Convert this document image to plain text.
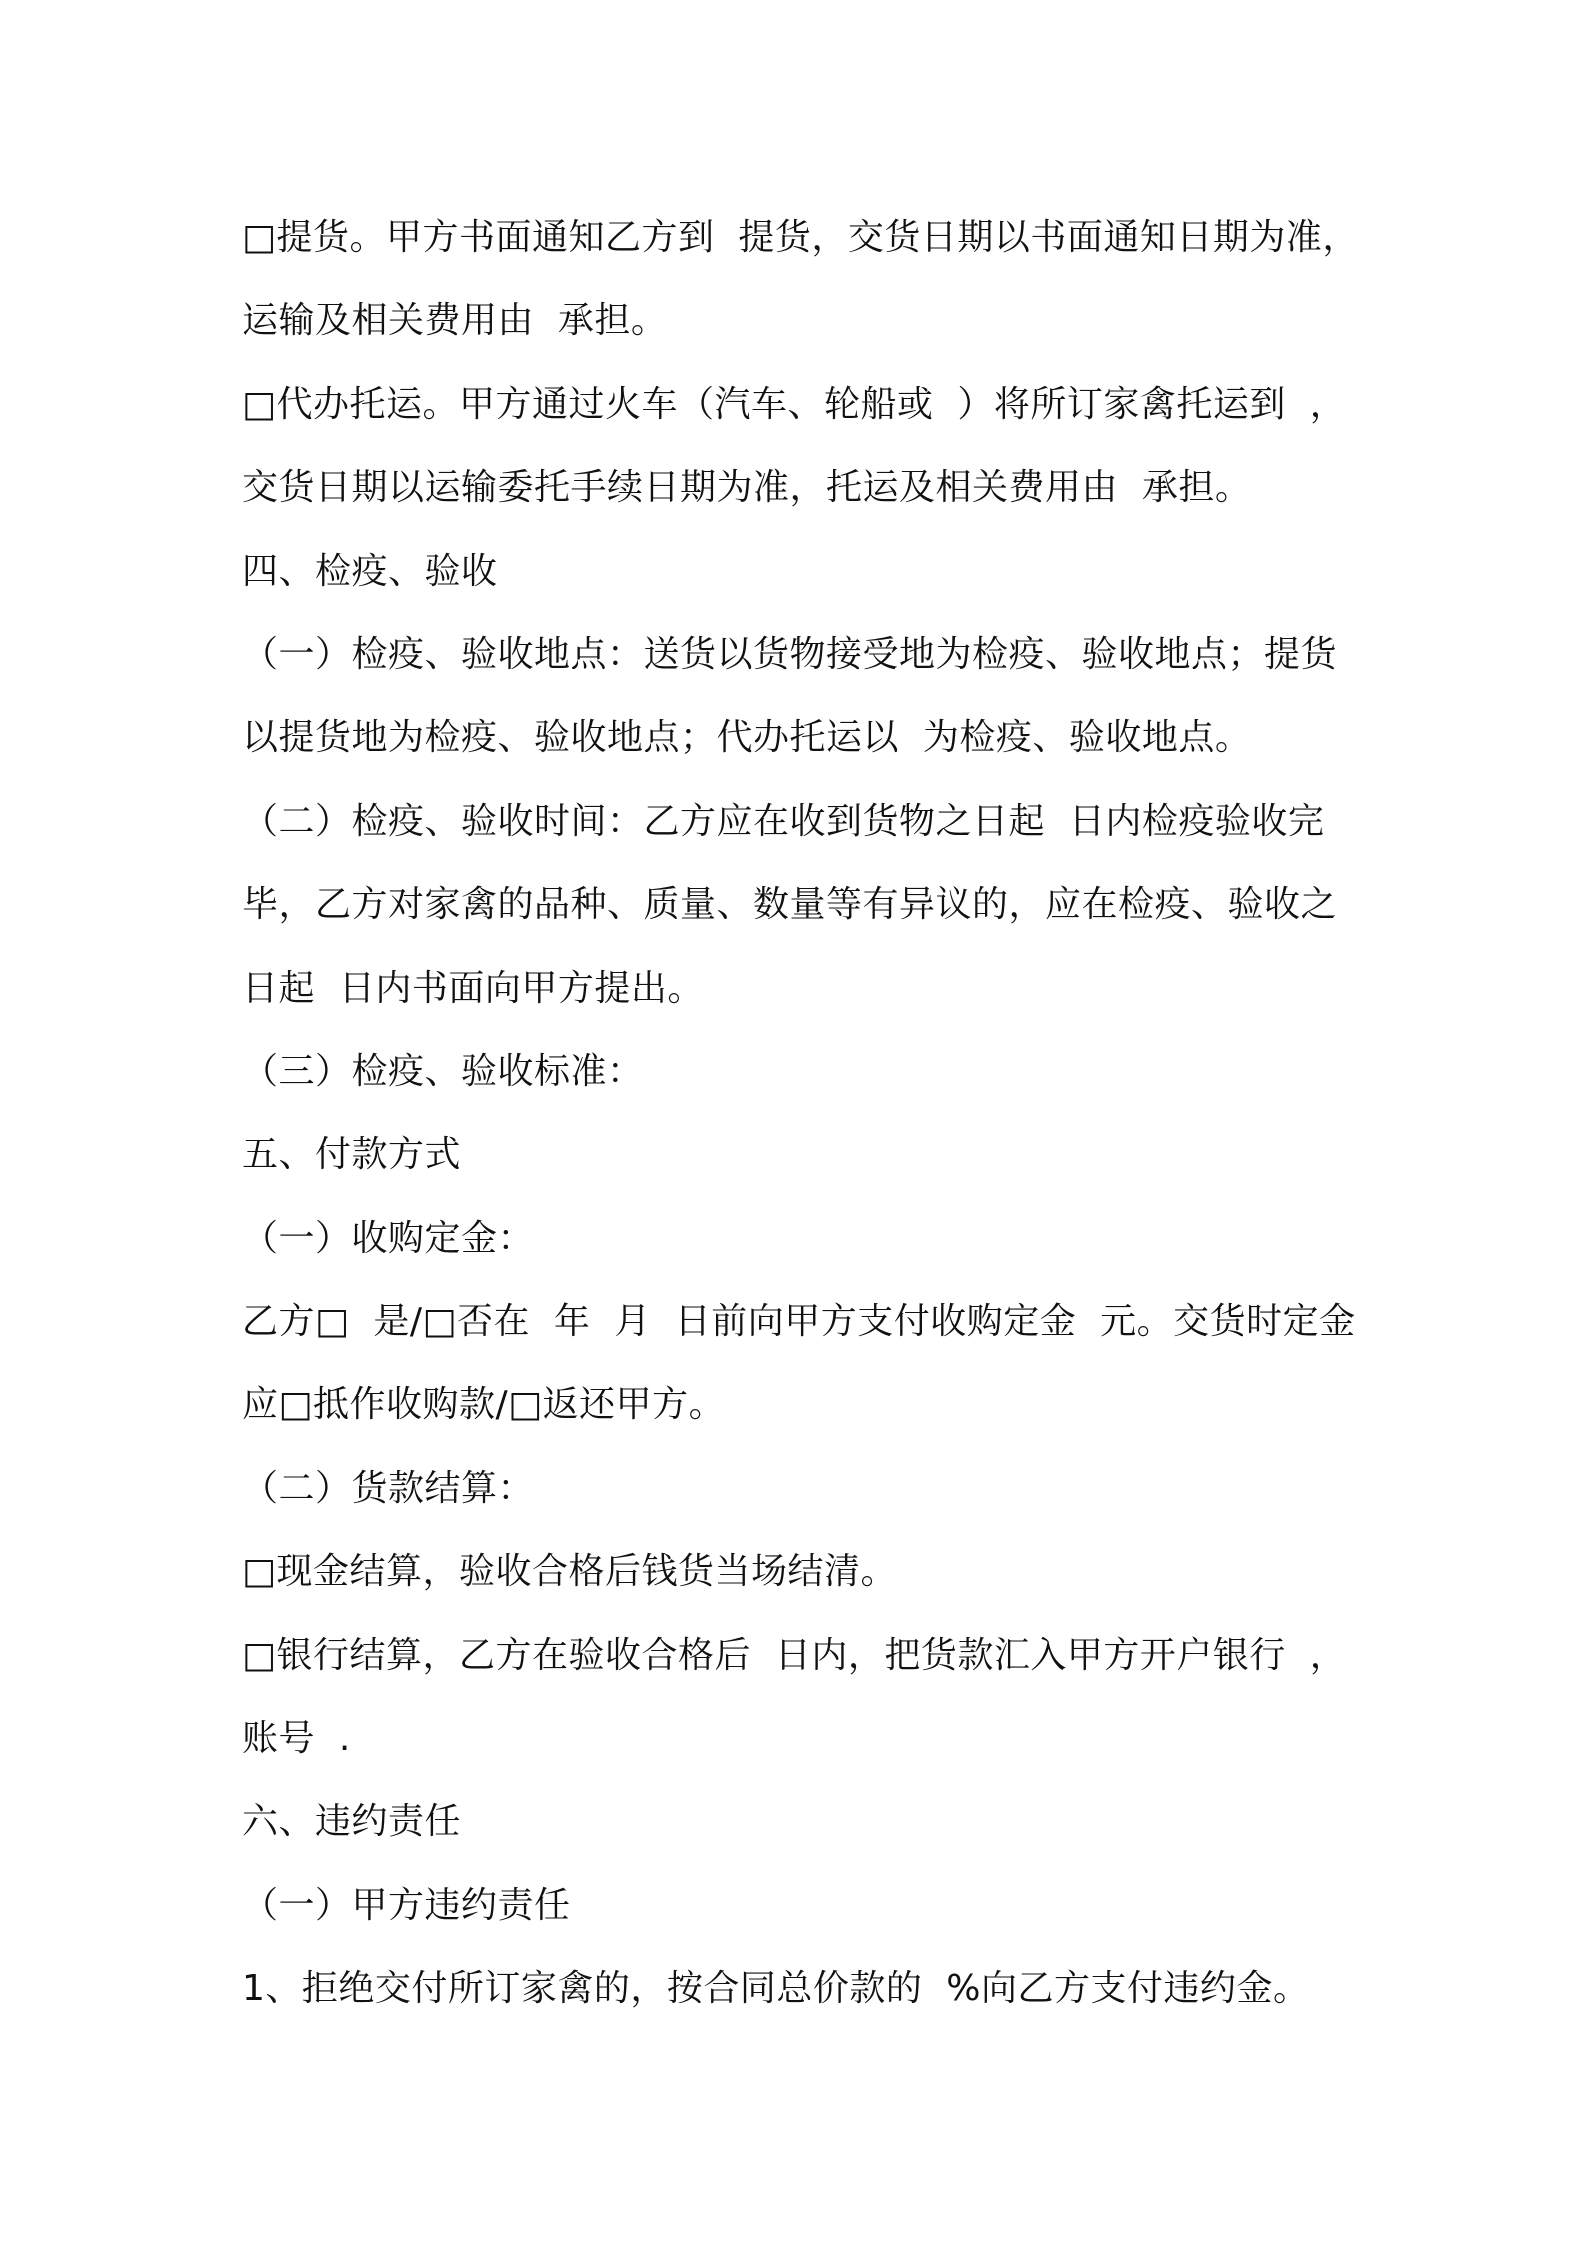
□提货。甲方书面通知乙方到  提货，交货日期以书面通知日期为准，
运输及相关费用由  承担。
□代办托运。甲方通过火车（汽车、轮船或  ）将所订家禽托运到  ，
交货日期以运输委托手续日期为准，托运及相关费用由  承担。
四、检疫、验收
（一）检疫、验收地点：送货以货物接受地为检疫、验收地点；提货
以提货地为检疫、验收地点；代办托运以  为检疫、验收地点。
（二）检疫、验收时间：乙方应在收到货物之日起  日内检疫验收完
毕，乙方对家禽的品种、质量、数量等有异议的，应在检疫、验收之
日起  日内书面向甲方提出。
（三）检疫、验收标准：
五、付款方式
（一）收购定金：
乙方□  是/□否在  年  月  日前向甲方支付收购定金  元。交货时定金
应□抵作收购款/□返还甲方。
（二）货款结算：
□现金结算，验收合格后钱货当场结清。
□银行结算，乙方在验收合格后  日内，把货款汇入甲方开户银行  ，
账号  .
六、违约责任
（一）甲方违约责任
1、拒绝交付所订家禽的，按合同总价款的  %向乙方支付违约金。
